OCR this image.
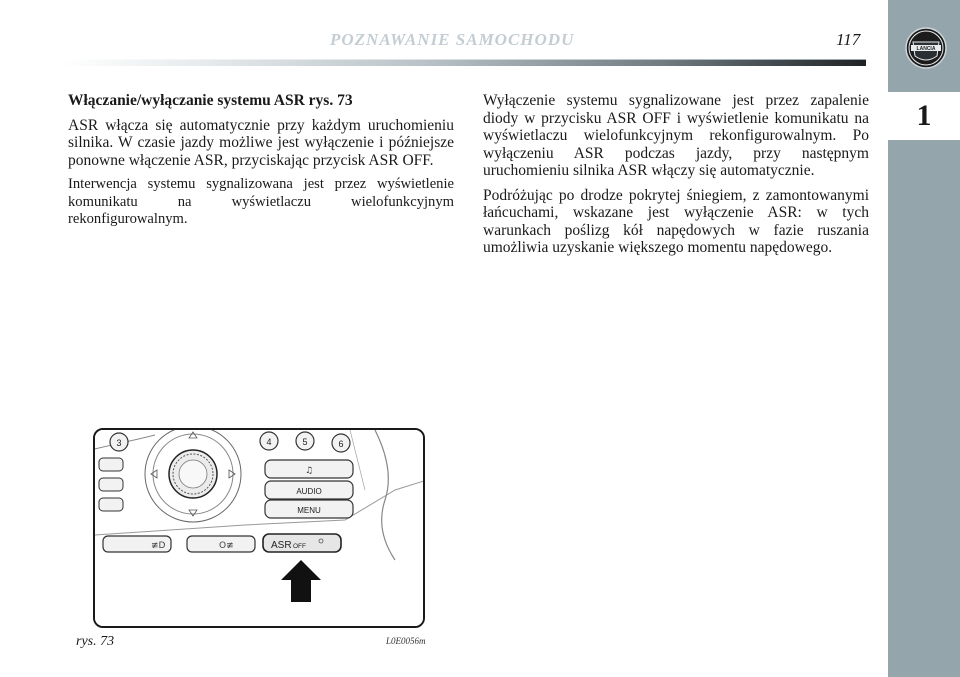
POZNAWANIE SAMOCHODU	117
1
LANCIA
Włączanie/wyłączanie systemu ASR rys. 73

ASR włącza się automatycznie przy każdym uruchomieniu silnika. W czasie jazdy możliwe jest wyłączenie i późniejsze ponowne włączenie ASR, przyciskając przycisk ASR OFF.

Interwencja systemu sygnalizowana jest przez wyświetlenie komunikatu na wyświetlaczu wielofunkcyjnym rekonfigurowalnym.

Wyłączenie systemu sygnalizowane jest przez zapalenie diody w przycisku ASR OFF i wyświetlenie komunikatu na wyświetlaczu wielofunkcyjnym rekonfigurowalnym. Po wyłączeniu ASR podczas jazdy, przy następnym uruchomieniu silnika ASR włączy się automatycznie.

Podróżując po drodze pokrytej śniegiem, z zamontowanymi łańcuchami, wskazane jest wyłączenie ASR: w tych warunkach poślizg kół napędowych w fazie ruszania umożliwia uzyskanie większego momentu napędowego.

3	4	5	6
♫
AUDIO
MENU
≢D	O≢	ASR OFF
rys. 73	L0E0056m
